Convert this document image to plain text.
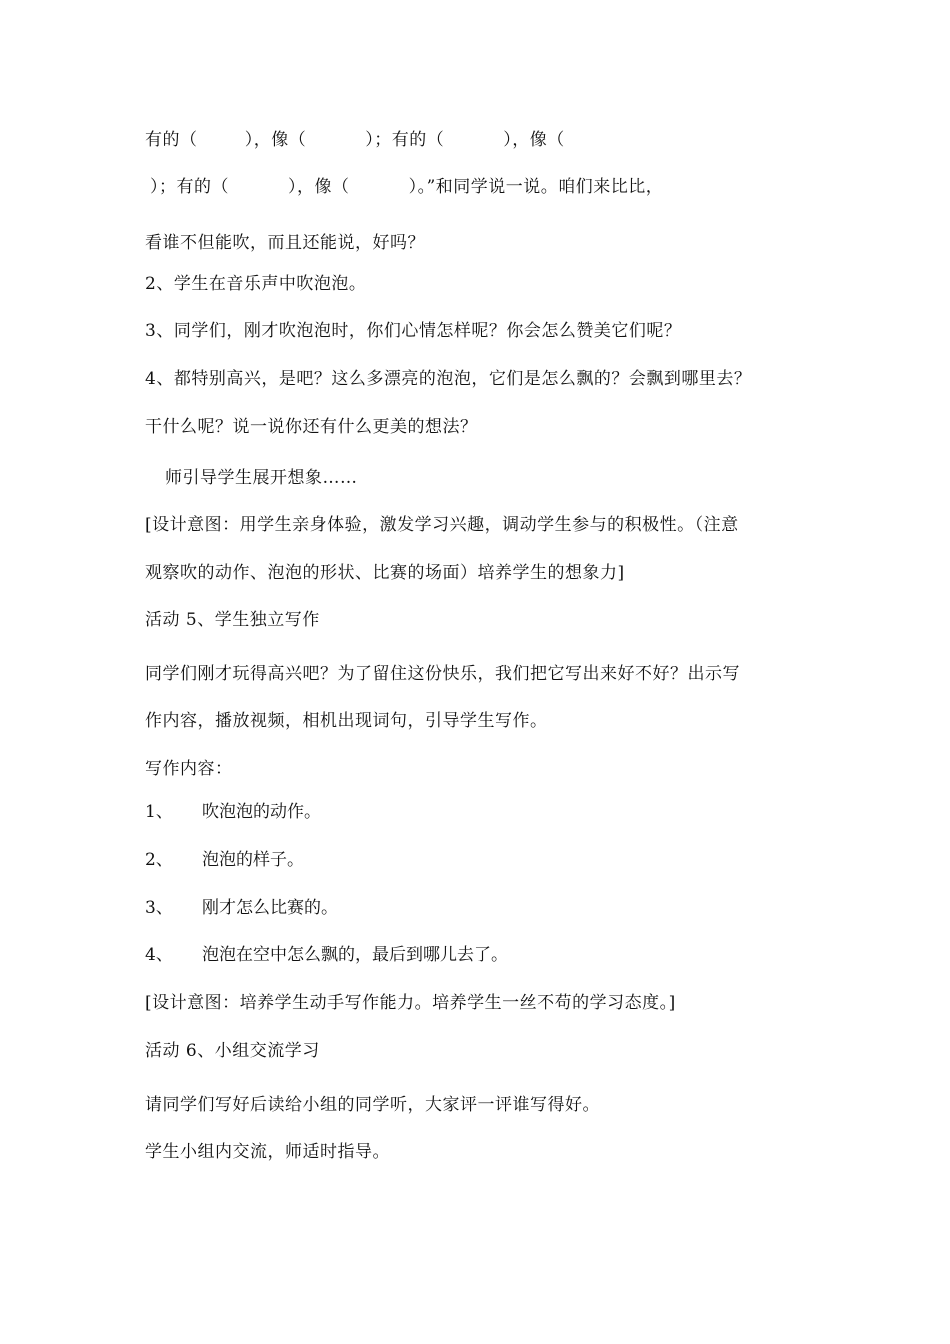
有的（        ），像（          ）；有的（          ），像（
）；有的（          ），像（          ）。”和同学说一说。咱们来比比，
看谁不但能吹，而且还能说，好吗？
2、学生在音乐声中吹泡泡。
3、同学们，刚才吹泡泡时，你们心情怎样呢？你会怎么赞美它们呢？
4、都特别高兴，是吧？这么多漂亮的泡泡，它们是怎么飘的？会飘到哪里去？
干什么呢？说一说你还有什么更美的想法？
师引导学生展开想象……
[设计意图：用学生亲身体验，激发学习兴趣，调动学生参与的积极性。（注意
观察吹的动作、泡泡的形状、比赛的场面）培养学生的想象力]
活动 5、学生独立写作
同学们刚才玩得高兴吧？为了留住这份快乐，我们把它写出来好不好？出示写
作内容，播放视频，相机出现词句，引导学生写作。
写作内容：
1、 吹泡泡的动作。
2、 泡泡的样子。
3、 刚才怎么比赛的。
4、 泡泡在空中怎么飘的，最后到哪儿去了。
[设计意图：培养学生动手写作能力。培养学生一丝不苟的学习态度。]
活动 6、小组交流学习
请同学们写好后读给小组的同学听，大家评一评谁写得好。
学生小组内交流，师适时指导。
